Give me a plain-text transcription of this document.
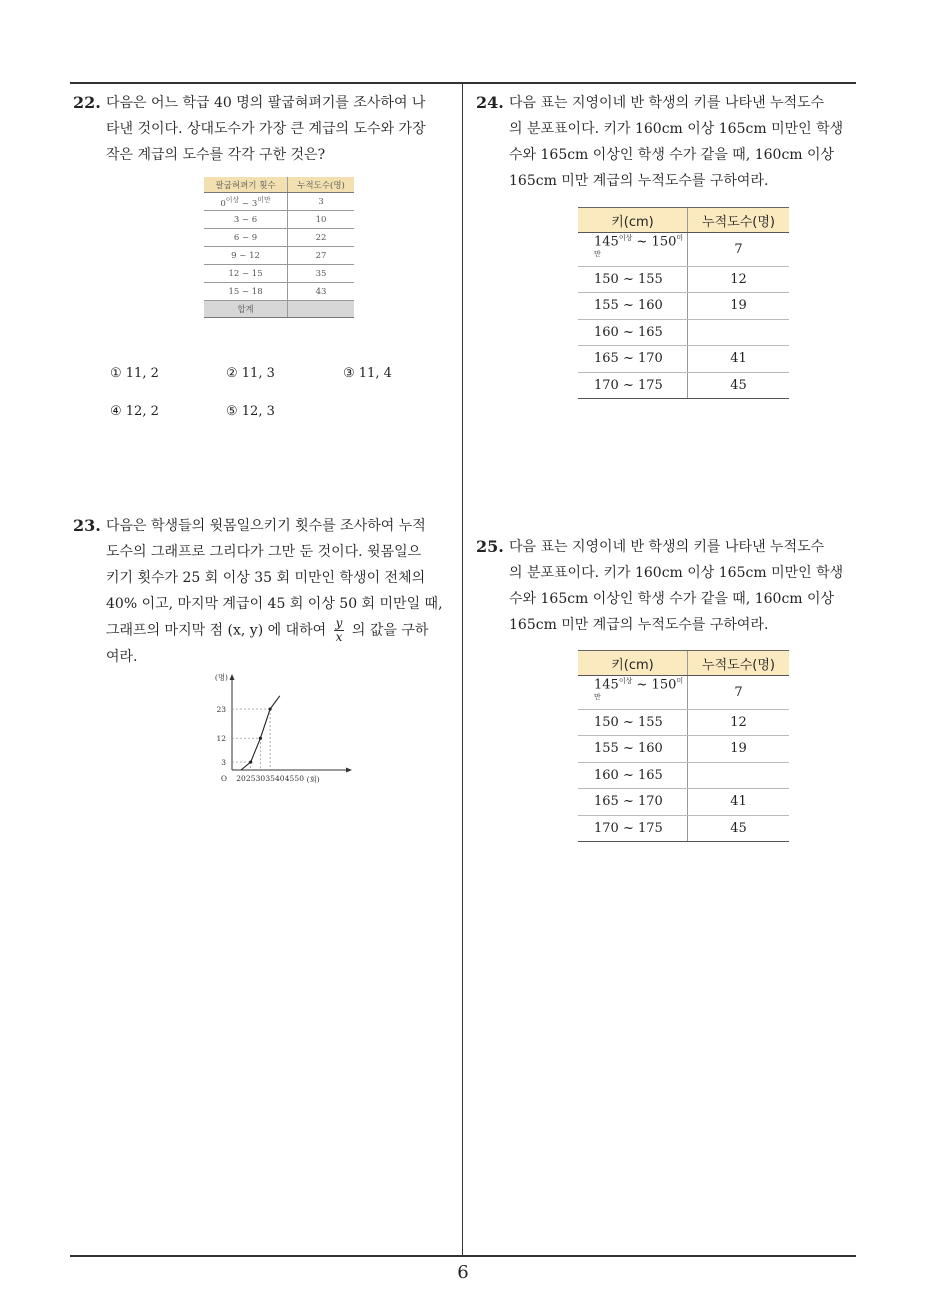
22. 다음은 어느 학급 40 명의 팔굽혀펴기를 조사하여 나
타낸 것이다. 상대도수가 가장 큰 계급의 도수와 가장
작은 계급의 도수를 각각 구한 것은?
팔굽혀펴기 횟수	누적도수(명)
$0^{이상}$ ~ $3^{미만}$	3
3 ~ 6	10
6 ~ 9	22
9 ~ 12	27
12 ~ 15	35
15 ~ 18	43
합계	
① 11, 2	② 11, 3	③ 11, 4
④ 12, 2	⑤ 12, 3
23. 다음은 학생들의 윗몸일으키기 횟수를 조사하여 누적
도수의 그래프로 그리다가 그만 둔 것이다. 윗몸일으
키기 횟수가 25 회 이상 35 회 미만인 학생이 전체의
40% 이고, 마지막 계급이 45 회 이상 50 회 미만일 때,
그래프의 마지막 점 (x, y) 에 대하여 $\frac{y}{x}$ 의 값을 구하
여라.
(명)
O
3
12
23
20 25 30 35 40 45 50 (회)
24. 다음 표는 지영이네 반 학생의 키를 나타낸 누적도수
의 분포표이다. 키가 160cm 이상 165cm 미만인 학생
수와 165cm 이상인 학생 수가 같을 때, 160cm 이상
165cm 미만 계급의 누적도수를 구하여라.
키(cm)	누적도수(명)
$145^{이상}$ ~ $150^{미만}$	7
150 ~ 155	12
155 ~ 160	19
160 ~ 165	
165 ~ 170	41
170 ~ 175	45
25. 다음 표는 지영이네 반 학생의 키를 나타낸 누적도수
의 분포표이다. 키가 160cm 이상 165cm 미만인 학생
수와 165cm 이상인 학생 수가 같을 때, 160cm 이상
165cm 미만 계급의 누적도수를 구하여라.
키(cm)	누적도수(명)
$145^{이상}$ ~ $150^{미만}$	7
150 ~ 155	12
155 ~ 160	19
160 ~ 165	
165 ~ 170	41
170 ~ 175	45
6
